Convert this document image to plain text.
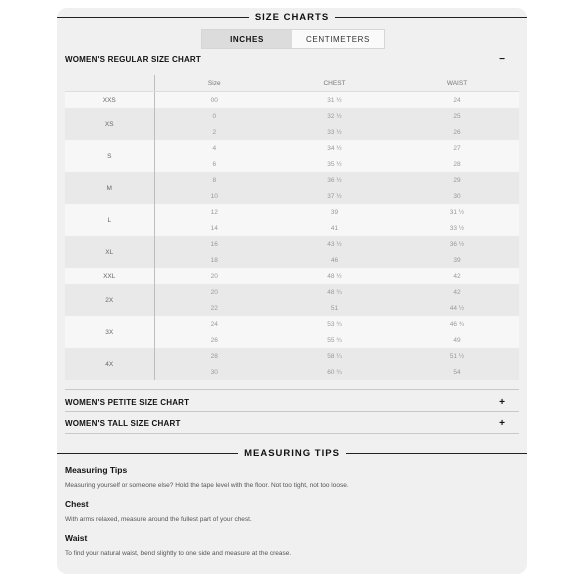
SIZE CHARTS
INCHES	CENTIMETERS
WOMEN'S REGULAR SIZE CHART	−
	Size	CHEST	WAIST
XXS	00	31 ½	24
XS	0	32 ½	25
	2	33 ½	26
S	4	34 ½	27
	6	35 ½	28
M	8	36 ½	29
	10	37 ½	30
L	12	39	31 ½
	14	41	33 ½
XL	16	43 ½	36 ½
	18	46	39
XXL	20	48 ½	42
2X	20	48 ¾	42
	22	51	44 ½
3X	24	53 ¾	46 ¾
	26	55 ¾	49
4X	28	58 ¼	51 ½
	30	60 ¾	54
WOMEN'S PETITE SIZE CHART	+
WOMEN'S TALL SIZE CHART	+
MEASURING TIPS
Measuring Tips
Measuring yourself or someone else? Hold the tape level with the floor. Not too tight, not too loose.
Chest
With arms relaxed, measure around the fullest part of your chest.
Waist
To find your natural waist, bend slightly to one side and measure at the crease.
